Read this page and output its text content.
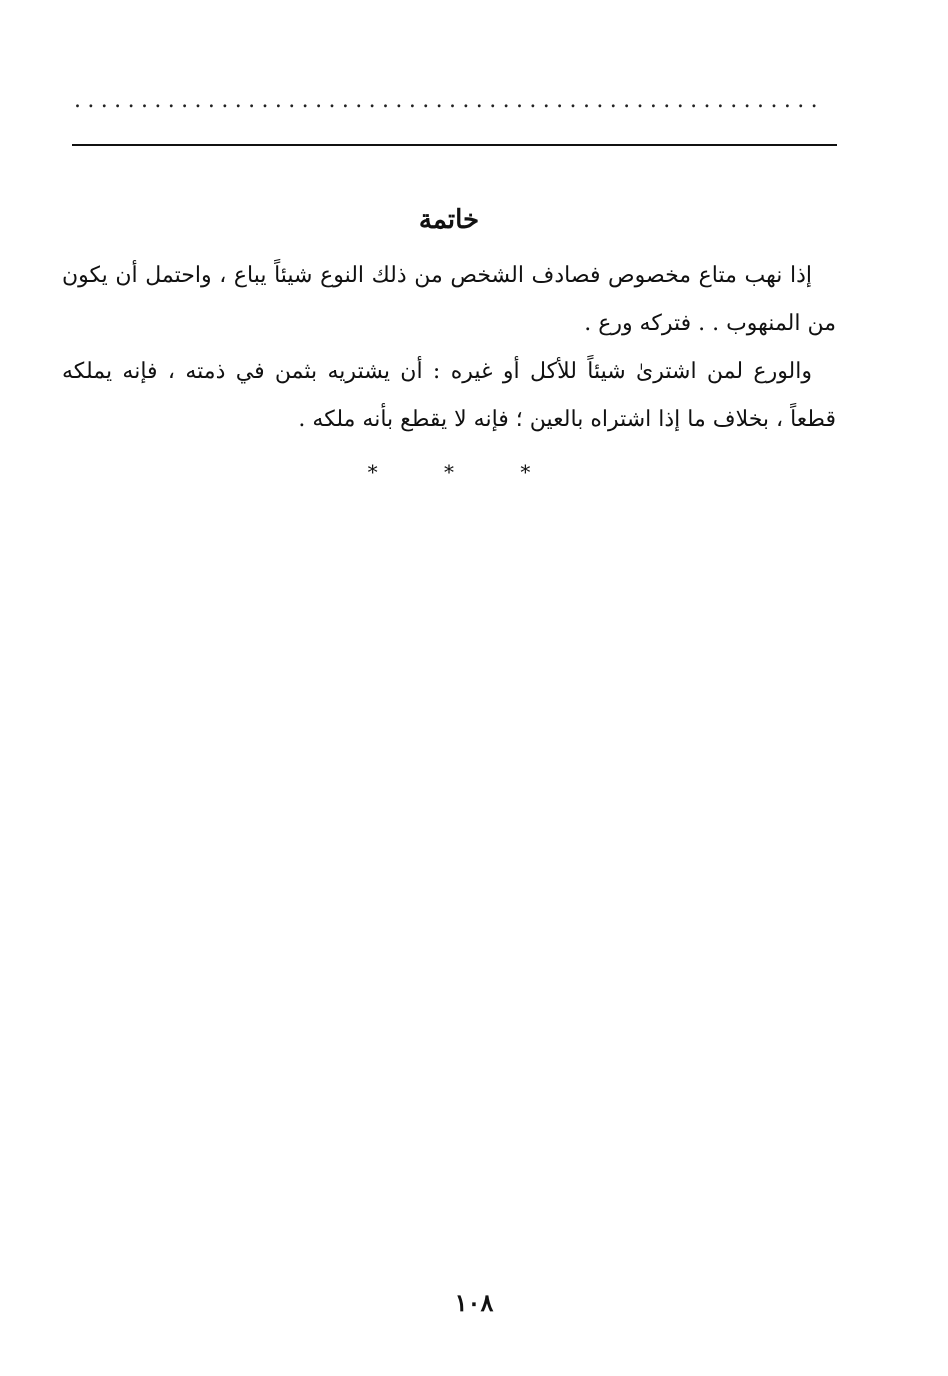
........................................................
خاتمة

إذا نهب متاع مخصوص فصادف الشخص من ذلك النوع شيئاً يباع ، واحتمل أن يكون من المنهوب . . فتركه ورع .

والورع لمن اشترىٰ شيئاً للأكل أو غيره : أن يشتريه بثمن في ذمته ، فإنه يملكه قطعاً ، بخلاف ما إذا اشتراه بالعين ؛ فإنه لا يقطع بأنه ملكه .

* * *
١٠٨
